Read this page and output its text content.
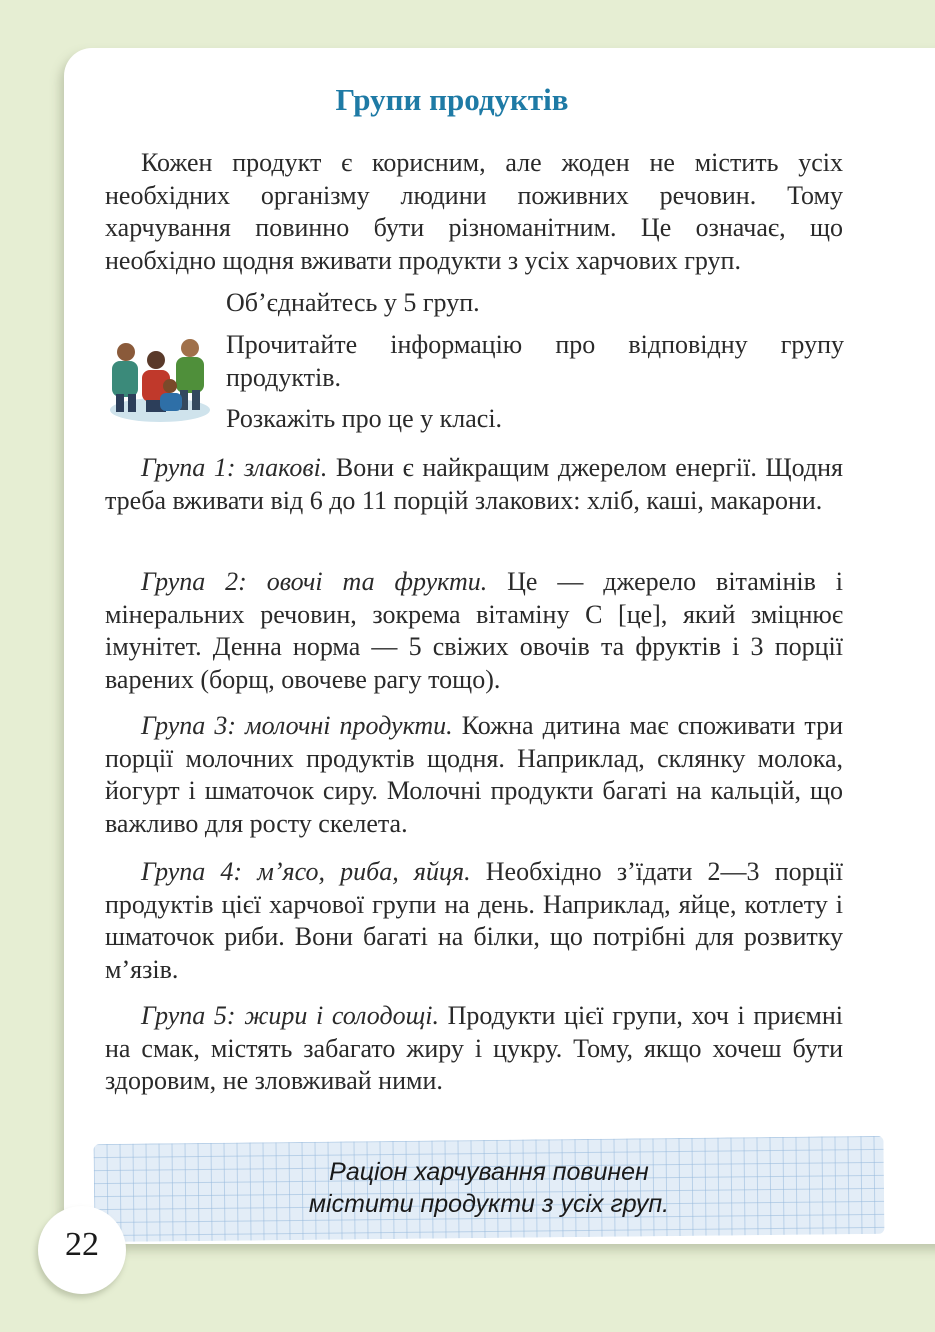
Групи продуктів

Кожен продукт є корисним, але жоден не містить усіх необхідних організму людини поживних речовин. Тому харчування повинно бути різноманітним. Це означає, що необхідно щодня вживати продукти з усіх харчових груп.

Об’єднайтесь у 5 груп.

Прочитайте інформацію про відповідну групу продуктів.

Розкажіть про це у класі.

Група 1: злакові. Вони є найкращим джерелом енергії. Щодня треба вживати від 6 до 11 порцій злакових: хліб, каші, макарони.

Група 2: овочі та фрукти. Це — джерело вітамінів і мінеральних речовин, зокрема вітаміну С [це], який зміцнює імунітет. Денна норма — 5 свіжих овочів та фруктів і 3 порції варених (борщ, овочеве рагу тощо).

Група 3: молочні продукти. Кожна дитина має споживати три порції молочних продуктів щодня. Наприклад, склянку молока, йогурт і шматочок сиру. Молочні продукти багаті на кальцій, що важливо для росту скелета.

Група 4: м’ясо, риба, яйця. Необхідно з’їдати 2—3 порції продуктів цієї харчової групи на день. Наприклад, яйце, котлету і шматочок риби. Вони багаті на білки, що потрібні для розвитку м’язів.

Група 5: жири і солодощі. Продукти цієї групи, хоч і приємні на смак, містять забагато жиру і цукру. Тому, якщо хочеш бути здоровим, не зловживай ними.

Раціон харчування повинен
містити продукти з усіх груп.
22
